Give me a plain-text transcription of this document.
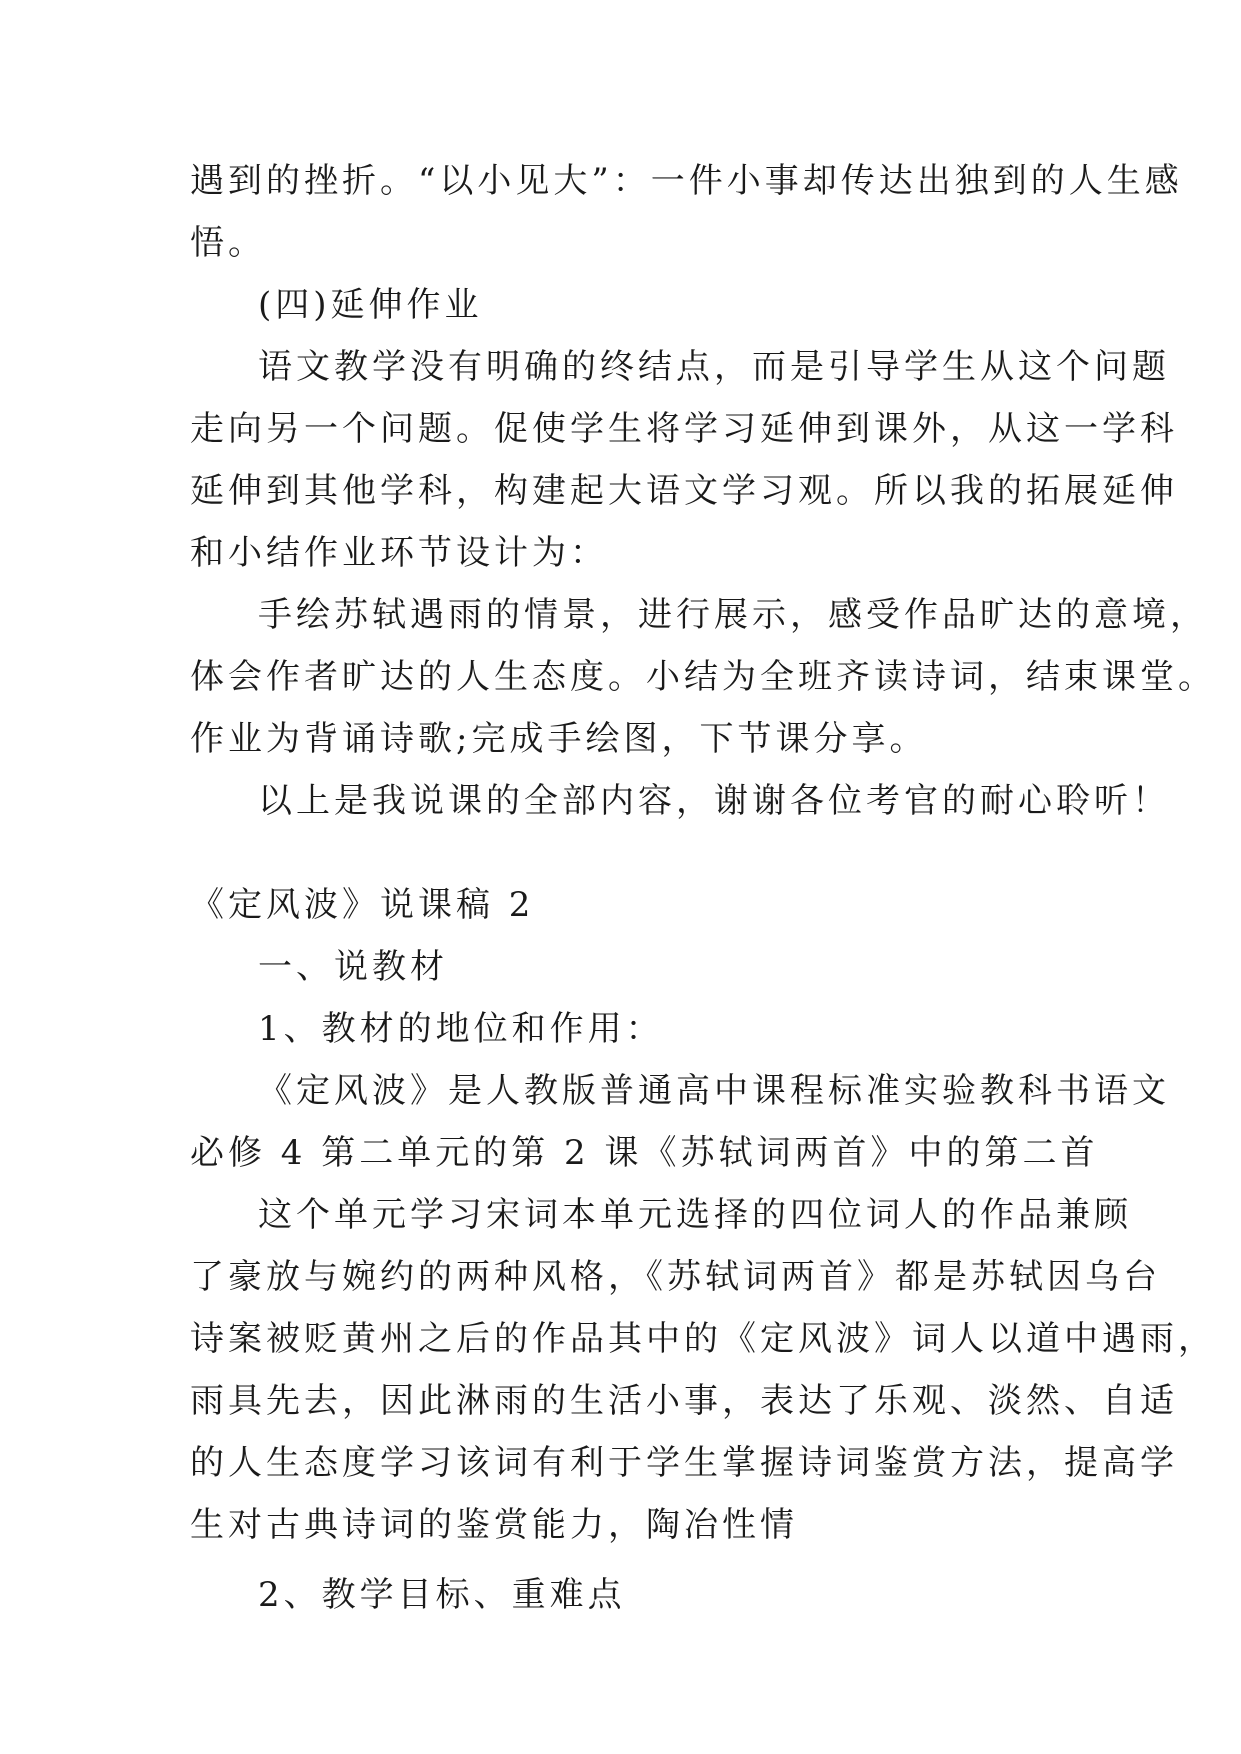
遇到的挫折。“以小见大”：一件小事却传达出独到的人生感
悟。
(四)延伸作业
语文教学没有明确的终结点，而是引导学生从这个问题
走向另一个问题。促使学生将学习延伸到课外，从这一学科
延伸到其他学科，构建起大语文学习观。所以我的拓展延伸
和小结作业环节设计为：
手绘苏轼遇雨的情景，进行展示，感受作品旷达的意境，
体会作者旷达的人生态度。小结为全班齐读诗词，结束课堂。
作业为背诵诗歌;完成手绘图，下节课分享。
以上是我说课的全部内容，谢谢各位考官的耐心聆听！
《定风波》说课稿 2
一、说教材
1、教材的地位和作用：
《定风波》是人教版普通高中课程标准实验教科书语文
必修 4 第二单元的第 2 课《苏轼词两首》中的第二首
这个单元学习宋词本单元选择的四位词人的作品兼顾
了豪放与婉约的两种风格，《苏轼词两首》都是苏轼因乌台
诗案被贬黄州之后的作品其中的《定风波》词人以道中遇雨，
雨具先去，因此淋雨的生活小事，表达了乐观、淡然、自适
的人生态度学习该词有利于学生掌握诗词鉴赏方法，提高学
生对古典诗词的鉴赏能力，陶冶性情
2、教学目标、重难点
